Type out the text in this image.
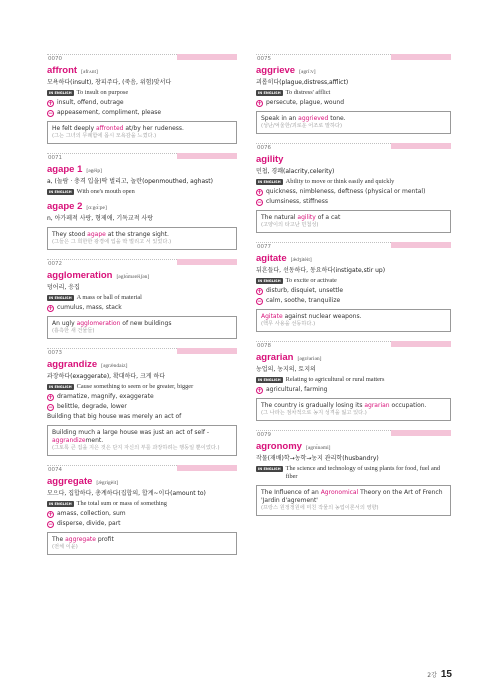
0070
affront [əfrʌnt]
모욕하다(insult), 창피주다, (죽음, 위험)맞서다
IN ENGLISH To insult on purpose
+ insult, offend, outrage
− appeasement, compliment, please
He felt deeply affronted at/by her rudeness.
(그는 그녀의 무례함에 몹시 모욕감을 느꼈다.)
0071
agape 1 [əgéip]
a, (놀람 · 충격 입을)딱 벌리고, 놀란(openmouthed, aghast)
IN ENGLISH With one's mouth open
agape 2 [ɑ:gɑ́:pe]
n, 아가페적 사랑, 형제애, 기독교적 사랑
They stood agape at the strange sight.
(그들은 그 희한한 광경에 입을 딱 벌리고 서 있었다.)
0072
agglomeration [əglɑ̀məréiʃən]
덩어리, 응집
IN ENGLISH A mass or ball of material
+ cumulus, mass, stack
An ugly agglomeration of new buildings
(흉측한 새 건물들)
0073
aggrandize [əgrǽndaiz]
과장하다(exaggerate), 확대하다, 크게 하다
IN ENGLISH Cause something to seem or be greater, bigger
+ dramatize, magnify, exaggerate
− belittle, degrade, lower
Building that big house was merely an act of
Building much a large house was just an act of self - aggrandizement.
(그토록 큰 집을 지은 것은 단지 자신의 부를 과장하려는 행동일 뿐이었다.)
0074
aggregate [ǽgrigèit]
모으다, 집합하다, 총계하다(집합의, 합계~이다(amount to)
IN ENGLISH The total sum or mass of something
+ amass, collection, sum
− disperse, divide, part
The aggregate profit
(전체 이윤)
0075
aggrieve [əgrí:v]
괴롭히다(plague,distress,afflict)
IN ENGLISH To distress' afflict
+ persecute, plague, wound
Speak in an aggrieved tone.
(성난/억울한/괴로운 어조로 말하다)
0076
agility
민첩, 경쾌(alacrity,celerity)
IN ENGLISH Ability to move or think easily and quickly
+ quickness, nimbleness, deftness (physical or mental)
− clumsiness, stiffness
The natural agility of a cat
(고양이의 타고난 민첩성)
0077
agitate [ǽdʒitèit]
뒤흔들다, 선동하다, 동요하다(instigate,stir up)
IN ENGLISH To excite or activate
+ disturb, disquiet, unsettle
− calm, soothe, tranquilize
Agitate against nuclear weapons.
(핵무 사용을 선동하다.)
0078
agrarian [əgrέəriən]
농업의, 농지의, 토지의
IN ENGLISH Relating to agricultural or rural matters
+ agricultural, farming
The country is gradually losing its agrarian occupation.
(그 나라는 점차적으로 농지 성격을 잃고 있다.)
0079
agronomy [əgrɑ́nəmi]
작물(재배)학→농학→농지 관리학(husbandry)
IN ENGLISH The science and technology of using plants for food, fuel and fiber
The Influence of an Agronomical Theory on the Art of French 'Jardin d'agrement'
(프랑스 원정정원에 미친 작물의 농업이론서의 영향)
2강 15
